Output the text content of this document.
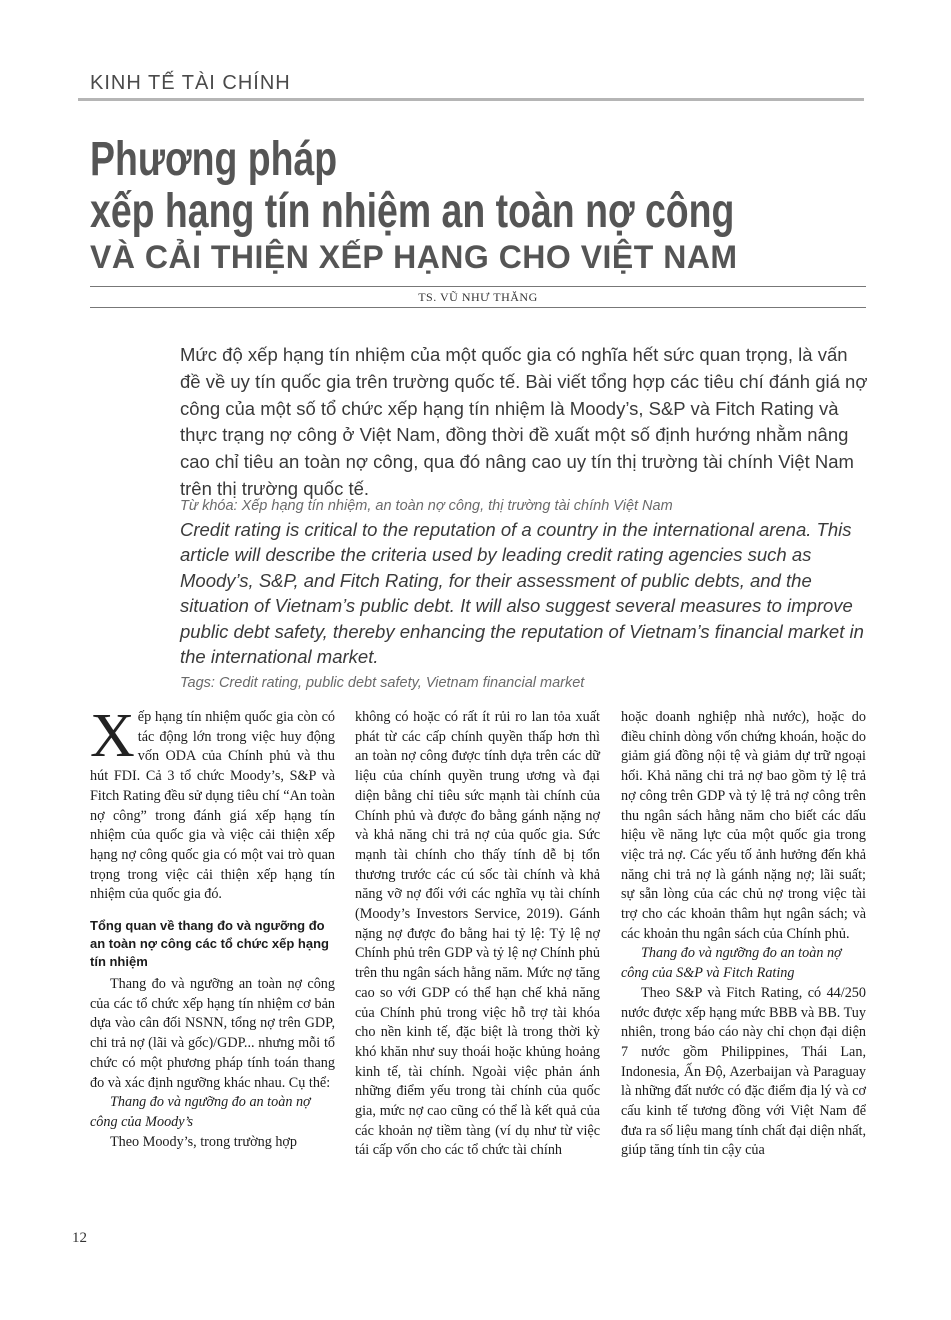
KINH TẾ TÀI CHÍNH

Phương pháp
xếp hạng tín nhiệm an toàn nợ công
VÀ CẢI THIỆN XẾP HẠNG CHO VIỆT NAM
TS. VŨ NHƯ THĂNG

Mức độ xếp hạng tín nhiệm của một quốc gia có nghĩa hết sức quan trọng, là vấn đề về uy tín quốc gia trên trường quốc tế. Bài viết tổng hợp các tiêu chí đánh giá nợ công của một số tổ chức xếp hạng tín nhiệm là Moody’s, S&P và Fitch Rating và thực trạng nợ công ở Việt Nam, đồng thời đề xuất một số định hướng nhằm nâng cao chỉ tiêu an toàn nợ công, qua đó nâng cao uy tín thị trường tài chính Việt Nam trên thị trường quốc tế.

Từ khóa: Xếp hạng tín nhiệm, an toàn nợ công, thị trường tài chính Việt Nam

Credit rating is critical to the reputation of a country in the international arena. This article will describe the criteria used by leading credit rating agencies such as Moody’s, S&P, and Fitch Rating, for their assessment of public debts, and the situation of Vietnam’s public debt. It will also suggest several measures to improve public debt safety, thereby enhancing the reputation of Vietnam’s financial market in the international market.

Tags: Credit rating, public debt safety, Vietnam financial market

Xếp hạng tín nhiệm quốc gia còn có tác động lớn trong việc huy động vốn ODA của Chính phủ và thu hút FDI. Cả 3 tổ chức Moody’s, S&P và Fitch Rating đều sử dụng tiêu chí “An toàn nợ công” trong đánh giá xếp hạng tín nhiệm của quốc gia và việc cải thiện xếp hạng nợ công quốc gia có một vai trò quan trọng trong việc cải thiện xếp hạng tín nhiệm của quốc gia đó.

Tổng quan về thang đo và ngưỡng đo an toàn nợ công các tổ chức xếp hạng tín nhiệm

Thang đo và ngưỡng an toàn nợ công của các tổ chức xếp hạng tín nhiệm cơ bản dựa vào cân đối NSNN, tổng nợ trên GDP, chi trả nợ (lãi và gốc)/GDP... nhưng mỗi tổ chức có một phương pháp tính toán thang đo và xác định ngưỡng khác nhau. Cụ thể:

Thang đo và ngưỡng đo an toàn nợ công của Moody’s

Theo Moody’s, trong trường hợp

không có hoặc có rất ít rủi ro lan tỏa xuất phát từ các cấp chính quyền thấp hơn thì an toàn nợ công được tính dựa trên các dữ liệu của chính quyền trung ương và đại diện bằng chỉ tiêu sức mạnh tài chính của Chính phủ và được đo bằng gánh nặng nợ và khả năng chi trả nợ của quốc gia. Sức mạnh tài chính cho thấy tính dễ bị tổn thương trước các cú sốc tài chính và khả năng vỡ nợ đối với các nghĩa vụ tài chính (Moody’s Investors Service, 2019). Gánh nặng nợ được đo bằng hai tỷ lệ: Tỷ lệ nợ Chính phủ trên GDP và tỷ lệ nợ Chính phủ trên thu ngân sách hằng năm. Mức nợ tăng cao so với GDP có thể hạn chế khả năng của Chính phủ trong việc hỗ trợ tài khóa cho nền kinh tế, đặc biệt là trong thời kỳ khó khăn như suy thoái hoặc khủng hoảng kinh tế, tài chính. Ngoài việc phản ánh những điểm yếu trong tài chính của quốc gia, mức nợ cao cũng có thể là kết quả của các khoản nợ tiềm tàng (ví dụ như từ việc tái cấp vốn cho các tổ chức tài chính

hoặc doanh nghiệp nhà nước), hoặc do điều chỉnh dòng vốn chứng khoán, hoặc do giảm giá đồng nội tệ và giảm dự trữ ngoại hối. Khả năng chi trả nợ bao gồm tỷ lệ trả nợ công trên GDP và tỷ lệ trả nợ công trên thu ngân sách hằng năm cho biết các dấu hiệu về năng lực của một quốc gia trong việc trả nợ. Các yếu tố ảnh hưởng đến khả năng chi trả nợ là gánh nặng nợ; lãi suất; sự sẵn lòng của các chủ nợ trong việc tài trợ cho các khoản thâm hụt ngân sách; và các khoản thu ngân sách của Chính phủ.

Thang đo và ngưỡng đo an toàn nợ công của S&P và Fitch Rating

Theo S&P và Fitch Rating, có 44/250 nước được xếp hạng mức BBB và BB. Tuy nhiên, trong báo cáo này chỉ chọn đại diện 7 nước gồm Philippines, Thái Lan, Indonesia, Ấn Độ, Azerbaijan và Paraguay là những đất nước có đặc điểm địa lý và cơ cấu kinh tế tương đồng với Việt Nam để đưa ra số liệu mang tính chất đại diện nhất, giúp tăng tính tin cậy của

12
